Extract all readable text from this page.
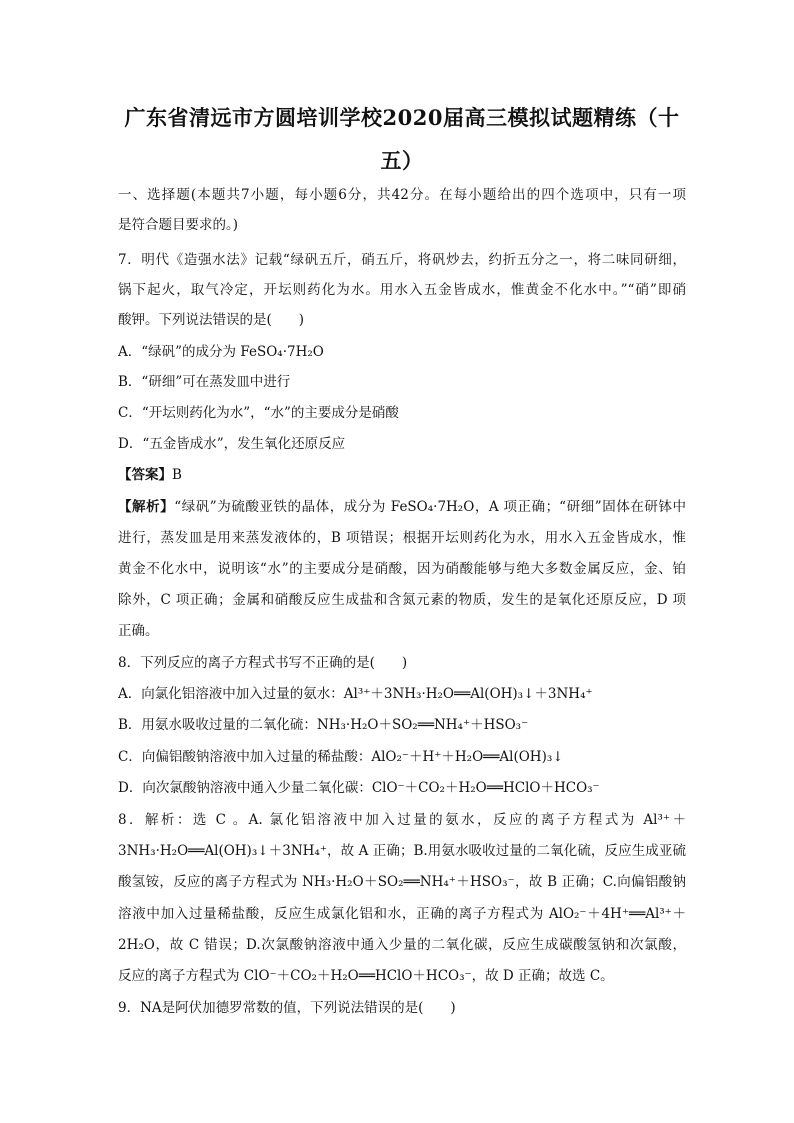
广东省清远市方圆培训学校2020届高三模拟试题精练（十
五）
一、选择题(本题共7小题，每小题6分，共42分。在每小题给出的四个选项中，只有一项
是符合题目要求的。)
7．明代《造强水法》记载“绿矾五斤，硝五斤，将矾炒去，约折五分之一，将二味同研细，
锅下起火，取气冷定，开坛则药化为水。用水入五金皆成水，惟黄金不化水中。”“硝”即硝
酸钾。下列说法错误的是(　　)
A．“绿矾”的成分为 FeSO₄·7H₂O
B．“研细”可在蒸发皿中进行
C．“开坛则药化为水”，“水”的主要成分是硝酸
D．“五金皆成水”，发生氧化还原反应
【答案】B
【解析】“绿矾”为硫酸亚铁的晶体，成分为 FeSO₄·7H₂O，A 项正确；“研细”固体在研钵中
进行，蒸发皿是用来蒸发液体的，B 项错误；根据开坛则药化为水，用水入五金皆成水，惟
黄金不化水中，说明该“水”的主要成分是硝酸，因为硝酸能够与绝大多数金属反应，金、铂
除外，C 项正确；金属和硝酸反应生成盐和含氮元素的物质，发生的是氧化还原反应，D 项
正确。
8．下列反应的离子方程式书写不正确的是(　　)
A．向氯化铝溶液中加入过量的氨水：Al³⁺＋3NH₃·H₂O══Al(OH)₃↓＋3NH₄⁺
B．用氨水吸收过量的二氧化硫：NH₃·H₂O＋SO₂══NH₄⁺＋HSO₃⁻
C．向偏铝酸钠溶液中加入过量的稀盐酸：AlO₂⁻＋H⁺＋H₂O══Al(OH)₃↓
D．向次氯酸钠溶液中通入少量二氧化碳：ClO⁻＋CO₂＋H₂O══HClO＋HCO₃⁻
8．解析：选 C 。A. 氯化铝溶液中加入过量的氨水，反应的离子方程式为 Al³⁺＋
3NH₃·H₂O══Al(OH)₃↓＋3NH₄⁺，故 A 正确；B.用氨水吸收过量的二氧化硫，反应生成亚硫
酸氢铵，反应的离子方程式为 NH₃·H₂O＋SO₂══NH₄⁺＋HSO₃⁻，故 B 正确；C.向偏铝酸钠
溶液中加入过量稀盐酸，反应生成氯化铝和水，正确的离子方程式为 AlO₂⁻＋4H⁺══Al³⁺＋
2H₂O，故 C 错误；D.次氯酸钠溶液中通入少量的二氧化碳，反应生成碳酸氢钠和次氯酸，
反应的离子方程式为 ClO⁻＋CO₂＋H₂O══HClO＋HCO₃⁻，故 D 正确；故选 C。
9．NA是阿伏加德罗常数的值，下列说法错误的是(　　)
